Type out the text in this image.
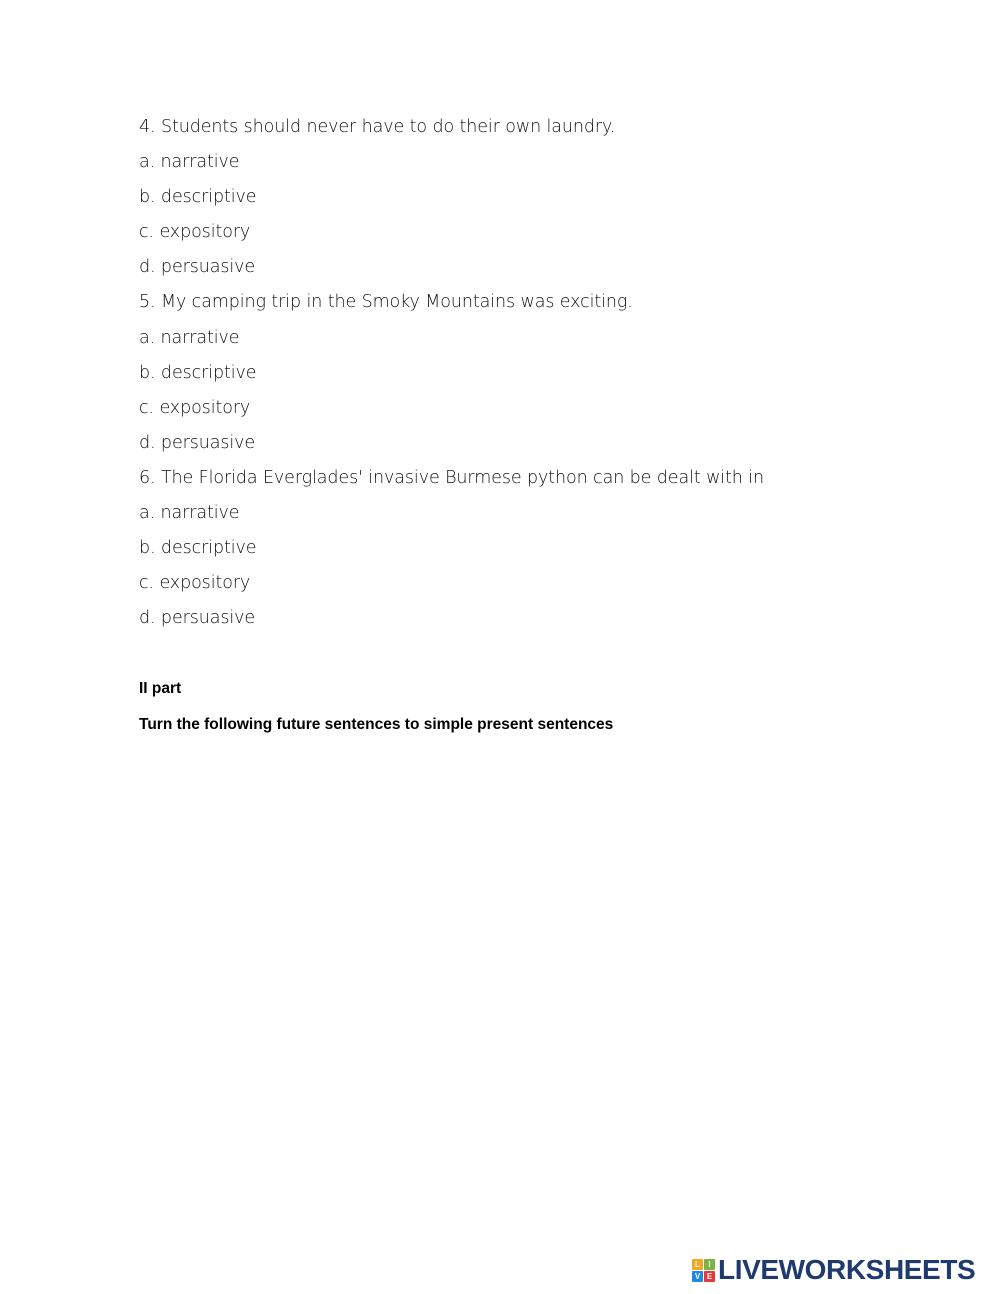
4. Students should never have to do their own laundry.
a. narrative
b. descriptive
c. expository
d. persuasive
5. My camping trip in the Smoky Mountains was exciting.
a. narrative
b. descriptive
c. expository
d. persuasive
6. The Florida Everglades' invasive Burmese python can be dealt with in
a. narrative
b. descriptive
c. expository
d. persuasive
II part
Turn the following future sentences to simple present sentences
L	I
V E LIVEWORKSHEETS
